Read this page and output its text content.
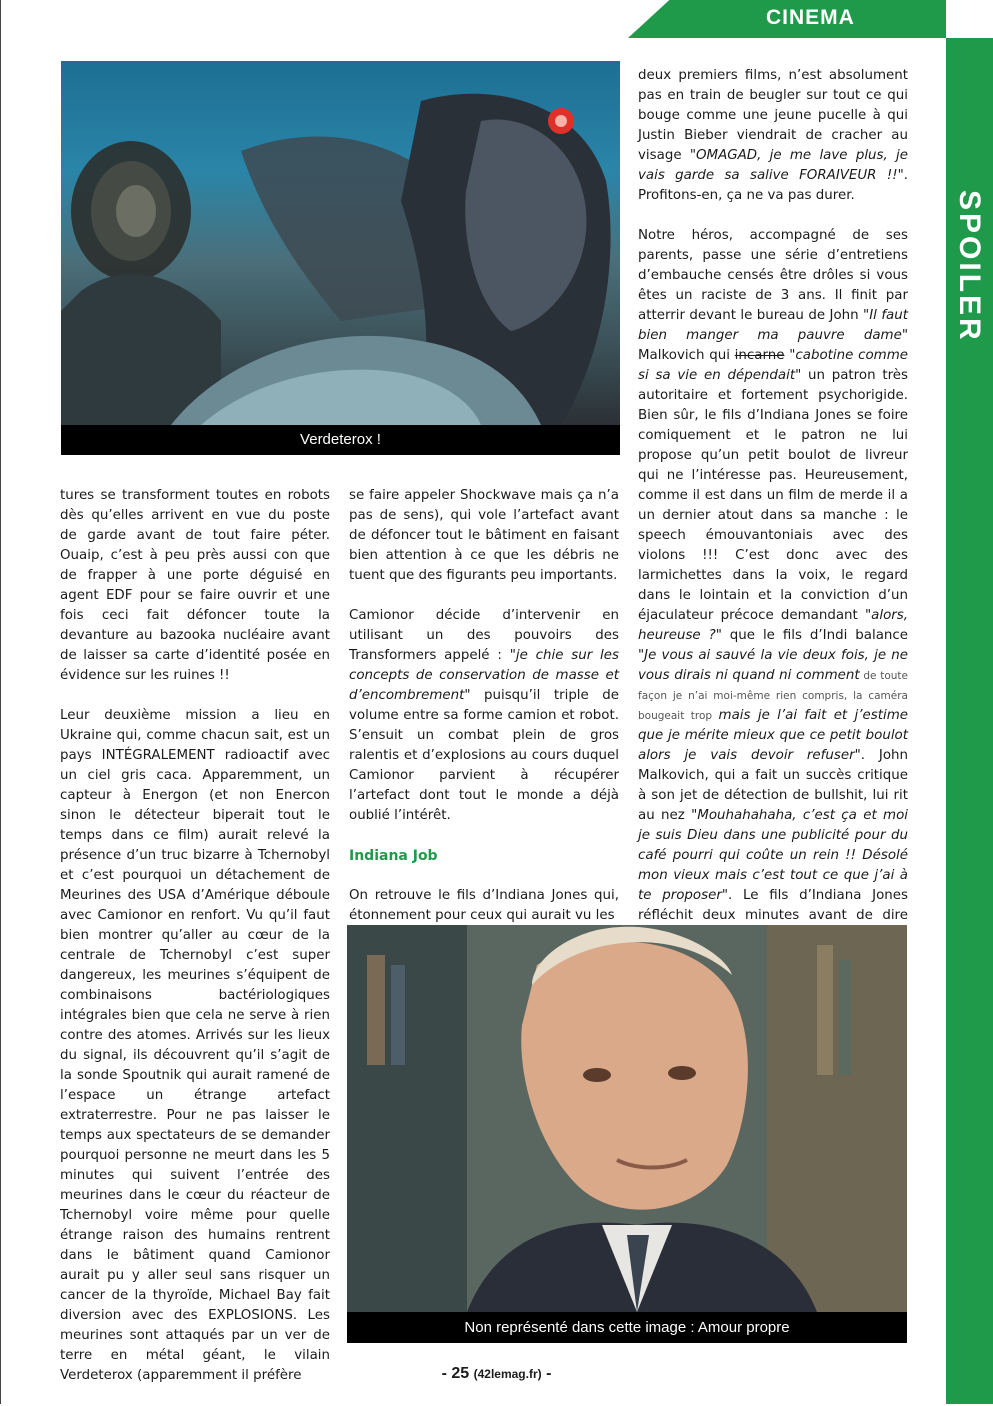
CINEMA
SPOILER
Verdeterox !

tures se transforment toutes en robots dès qu’elles arrivent en vue du poste de garde avant de tout faire péter. Ouaip, c’est à peu près aussi con que de frapper à une porte déguisé en agent EDF pour se faire ouvrir et une fois ceci fait défoncer toute la devanture au bazooka nucléaire avant de laisser sa carte d’identité posée en évidence sur les ruines !!

Leur deuxième mission a lieu en Ukraine qui, comme chacun sait, est un pays INTÉGRALEMENT radioactif avec un ciel gris caca. Apparemment, un capteur à Energon (et non Enercon sinon le détecteur biperait tout le temps dans ce film) aurait relevé la présence d’un truc bizarre à Tchernobyl et c’est pourquoi un détachement de Meurines des USA d’Amérique déboule avec Camionor en renfort. Vu qu’il faut bien montrer qu’aller au cœur de la centrale de Tchernobyl c’est super dangereux, les meurines s’équipent de combinaisons bactériologiques intégrales bien que cela ne serve à rien contre des atomes. Arrivés sur les lieux du signal, ils découvrent qu’il s’agit de la sonde Spoutnik qui aurait ramené de l’espace un étrange artefact extraterrestre. Pour ne pas laisser le temps aux spectateurs de se demander pourquoi personne ne meurt dans les 5 minutes qui suivent l’entrée des meurines dans le cœur du réacteur de Tchernobyl voire même pour quelle étrange raison des humains rentrent dans le bâtiment quand Camionor aurait pu y aller seul sans risquer un cancer de la thyroïde, Michael Bay fait diversion avec des EXPLOSIONS. Les meurines sont attaqués par un ver de terre en métal géant, le vilain Verdeterox (apparemment il préfère

se faire appeler Shockwave mais ça n’a pas de sens), qui vole l’artefact avant de défoncer tout le bâtiment en faisant bien attention à ce que les débris ne tuent que des figurants peu importants.

Camionor décide d’intervenir en utilisant un des pouvoirs des Transformers appelé : "je chie sur les concepts de conservation de masse et d’encombrement" puisqu’il triple de volume entre sa forme camion et robot. S’ensuit un combat plein de gros ralentis et d’explosions au cours duquel Camionor parvient à récupérer l’artefact dont tout le monde a déjà oublié l’intérêt.

Indiana Job

On retrouve le fils d’Indiana Jones qui, étonnement pour ceux qui aurait vu les

deux premiers films, n’est absolument pas en train de beugler sur tout ce qui bouge comme une jeune pucelle à qui Justin Bieber viendrait de cracher au visage "OMAGAD, je me lave plus, je vais garde sa salive FORAIVEUR !!". Profitons-en, ça ne va pas durer.

Notre héros, accompagné de ses parents, passe une série d’entretiens d’embauche censés être drôles si vous êtes un raciste de 3 ans. Il finit par atterrir devant le bureau de John "Il faut bien manger ma pauvre dame" Malkovich qui incarne "cabotine comme si sa vie en dépendait" un patron très autoritaire et fortement psychorigide. Bien sûr, le fils d’Indiana Jones se foire comiquement et le patron ne lui propose qu’un petit boulot de livreur qui ne l’intéresse pas. Heureusement, comme il est dans un film de merde il a un dernier atout dans sa manche : le speech émouvantoniais avec des violons !!! C’est donc avec des larmichettes dans la voix, le regard dans le lointain et la conviction d’un éjaculateur précoce demandant "alors, heureuse ?" que le fils d’Indi balance "Je vous ai sauvé la vie deux fois, je ne vous dirais ni quand ni comment de toute façon je n’ai moi-même rien compris, la caméra bougeait trop mais je l’ai fait et j’estime que je mérite mieux que ce petit boulot alors je vais devoir refuser". John Malkovich, qui a fait un succès critique à son jet de détection de bullshit, lui rit au nez "Mouhahahaha, c’est ça et moi je suis Dieu dans une publicité pour du café pourri qui coûte un rein !! Désolé mon vieux mais c’est tout ce que j’ai à te proposer". Le fils d’Indiana Jones réfléchit deux minutes avant de dire

Non représenté dans cette image : Amour propre
- 25 (42lemag.fr) -
